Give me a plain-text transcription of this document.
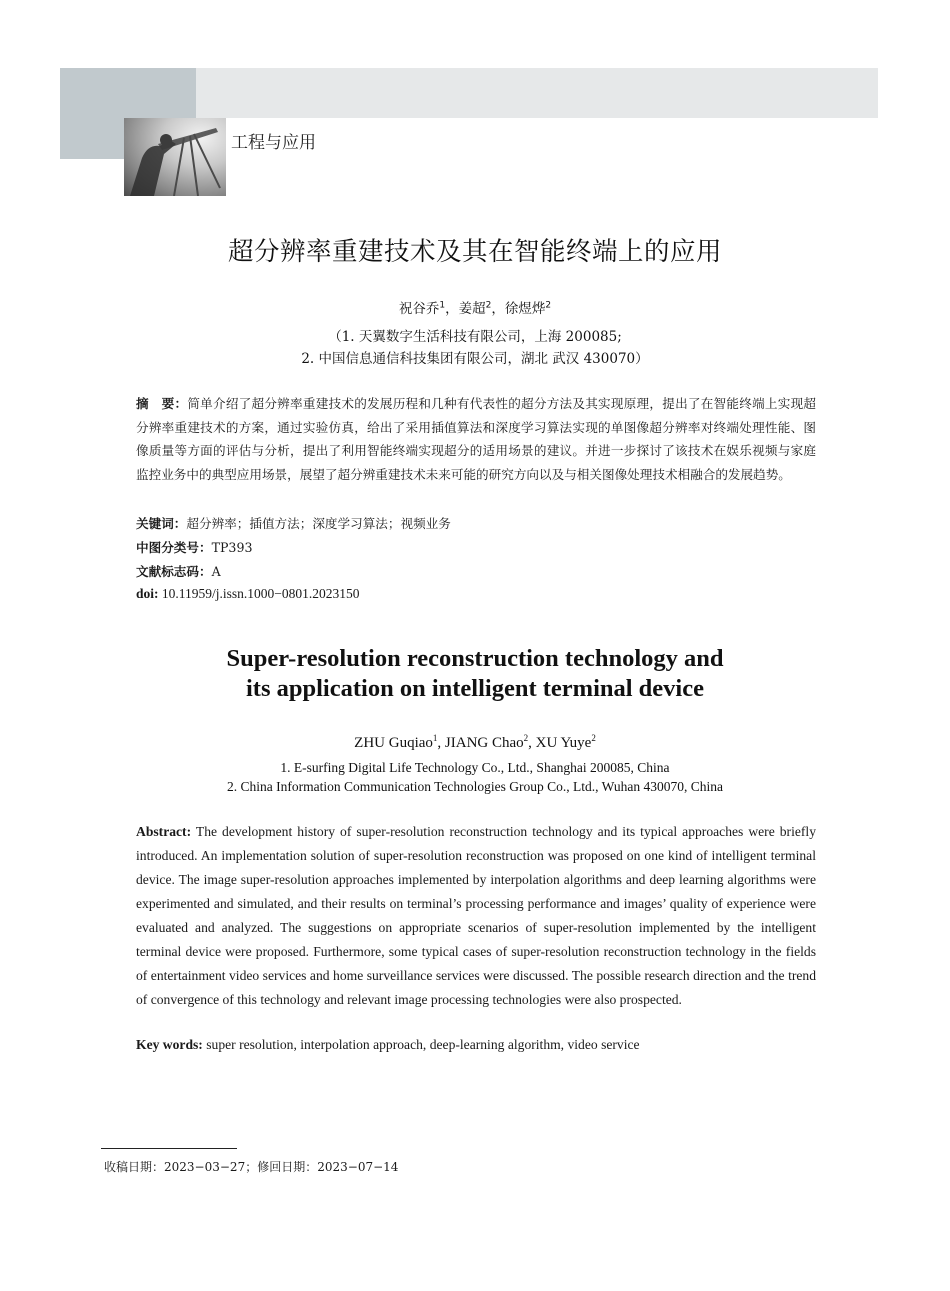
工程与应用
超分辨率重建技术及其在智能终端上的应用
祝谷乔$^1$，姜超$^2$，徐煜烨$^2$
（1. 天翼数字生活科技有限公司，上海 200085;
2. 中国信息通信科技集团有限公司，湖北 武汉 430070）
摘　要：简单介绍了超分辨率重建技术的发展历程和几种有代表性的超分方法及其实现原理，提出了在智能终端上实现超分辨率重建技术的方案，通过实验仿真，给出了采用插值算法和深度学习算法实现的单图像超分辨率对终端处理性能、图像质量等方面的评估与分析，提出了利用智能终端实现超分的适用场景的建议。并进一步探讨了该技术在娱乐视频与家庭监控业务中的典型应用场景，展望了超分辨重建技术未来可能的研究方向以及与相关图像处理技术相融合的发展趋势。
关键词：超分辨率；插值方法；深度学习算法；视频业务
中图分类号：TP393
文献标志码：A
doi: 10.11959/j.issn.1000−0801.2023150
Super-resolution reconstruction technology and
its application on intelligent terminal device
ZHU Guqiao$^1$, JIANG Chao$^2$, XU Yuye$^2$
1. E-surfing Digital Life Technology Co., Ltd., Shanghai 200085, China
2. China Information Communication Technologies Group Co., Ltd., Wuhan 430070, China
Abstract: The development history of super-resolution reconstruction technology and its typical approaches were briefly introduced. An implementation solution of super-resolution reconstruction was proposed on one kind of intelligent terminal device. The image super-resolution approaches implemented by interpolation algorithms and deep learning algorithms were experimented and simulated, and their results on terminal’s processing performance and images’ quality of experience were evaluated and analyzed. The suggestions on appropriate scenarios of super-resolution implemented by the intelligent terminal device were proposed. Furthermore, some typical cases of super-resolution reconstruction technology in the fields of entertainment video services and home surveillance services were discussed. The possible research direction and the trend of convergence of this technology and relevant image processing technologies were also prospected.
Key words: super resolution, interpolation approach, deep-learning algorithm, video service
收稿日期：2023−03−27；修回日期：2023−07−14
